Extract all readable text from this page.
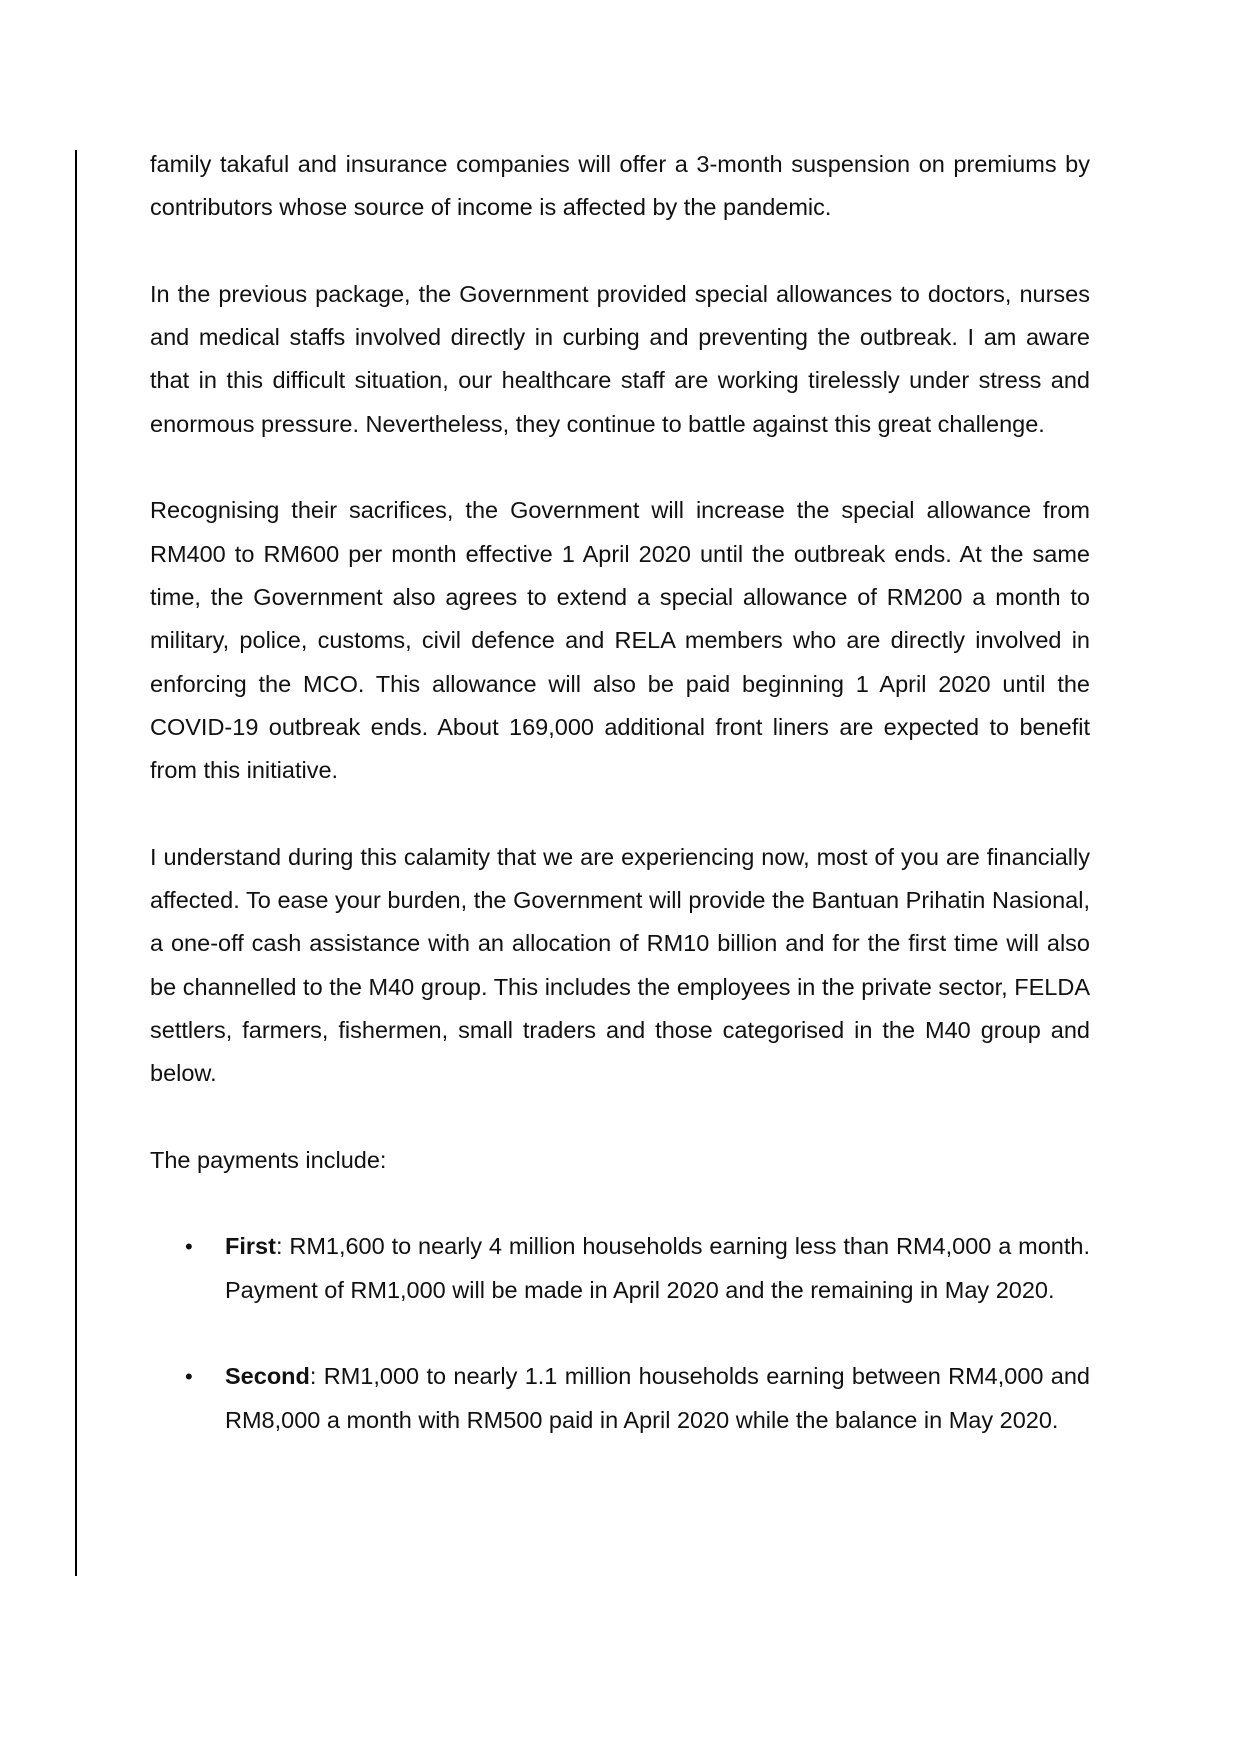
family takaful and insurance companies will offer a 3-month suspension on premiums by contributors whose source of income is affected by the pandemic.

In the previous package, the Government provided special allowances to doctors, nurses and medical staffs involved directly in curbing and preventing the outbreak. I am aware that in this difficult situation, our healthcare staff are working tirelessly under stress and enormous pressure. Nevertheless, they continue to battle against this great challenge.

Recognising their sacrifices, the Government will increase the special allowance from RM400 to RM600 per month effective 1 April 2020 until the outbreak ends. At the same time, the Government also agrees to extend a special allowance of RM200 a month to military, police, customs, civil defence and RELA members who are directly involved in enforcing the MCO. This allowance will also be paid beginning 1 April 2020 until the COVID-19 outbreak ends. About 169,000 additional front liners are expected to benefit from this initiative.

I understand during this calamity that we are experiencing now, most of you are financially affected. To ease your burden, the Government will provide the Bantuan Prihatin Nasional, a one-off cash assistance with an allocation of RM10 billion and for the first time will also be channelled to the M40 group. This includes the employees in the private sector, FELDA settlers, farmers, fishermen, small traders and those categorised in the M40 group and below.

The payments include:

• First: RM1,600 to nearly 4 million households earning less than RM4,000 a month. Payment of RM1,000 will be made in April 2020 and the remaining in May 2020.
• Second: RM1,000 to nearly 1.1 million households earning between RM4,000 and RM8,000 a month with RM500 paid in April 2020 while the balance in May 2020.
